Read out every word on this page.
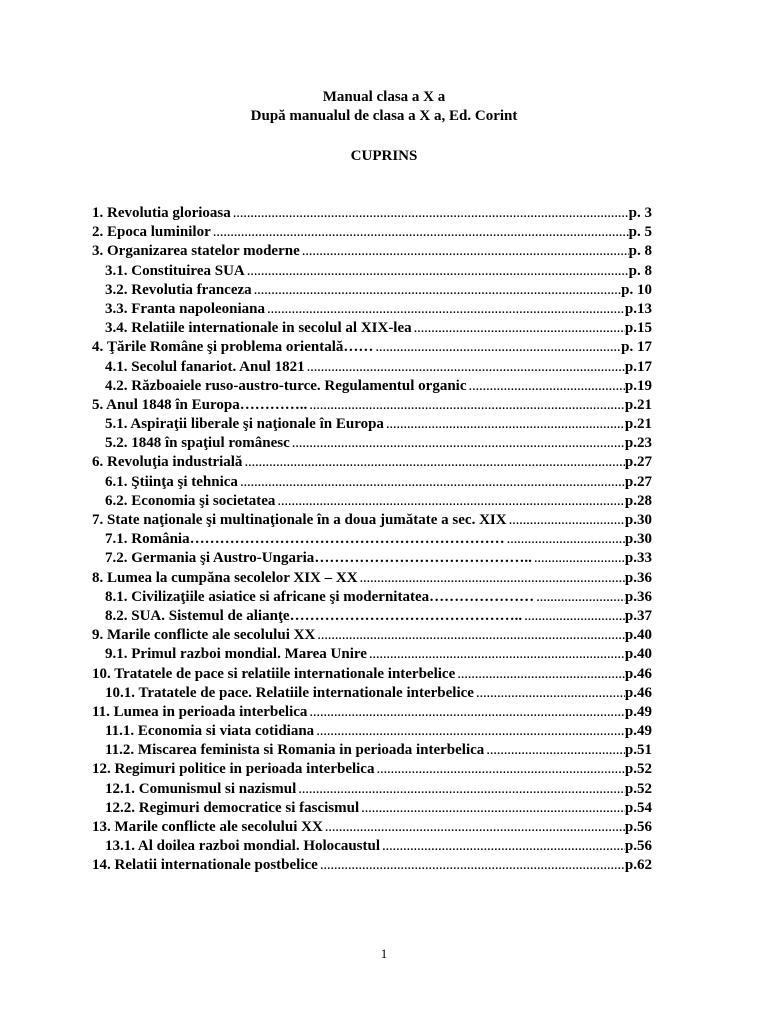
Manual clasa a X a
După manualul de clasa a X a, Ed. Corint
CUPRINS
1. Revolutia glorioasa . . .	p. 3
2. Epoca luminilor . . .	p. 5
3. Organizarea statelor moderne . . .	p. 8
3.1. Constituirea SUA . . .	p. 8
3.2. Revolutia franceza . . .	p. 10
3.3. Franta napoleoniana . . .	p.13
3.4. Relatiile internationale in secolul al XIX-lea . . .	p.15
4. Ţările Române şi problema orientală …… . . .	p. 17
4.1. Secolul fanariot. Anul 1821 . . .	p.17
4.2. Războaiele ruso-austro-turce. Regulamentul organic . . .	p.19
5. Anul 1848 în Europa ………….. . . .	p.21
5.1. Aspiraţii liberale şi naţionale în Europa . . .	p.21
5.2. 1848 în spaţiul românesc . . .	p.23
6. Revoluţia industrială . . .	p.27
6.1. Ştiinţa şi tehnica . . .	p.27
6.2. Economia şi societatea . . .	p.28
7. State naţionale şi multinaţionale în a doua jumătate a sec. XIX . . .	p.30
7.1. România ……………………………………………………… . . .	p.30
7.2. Germania şi Austro-Ungaria …………………………………….. . . .	p.33
8. Lumea la cumpăna secolelor XIX – XX . . .	p.36
8.1. Civilizaţiile asiatice si africane şi modernitatea ………………… . . .	p.36
8.2. SUA. Sistemul de alianţe ……………………………………….. . . .	p.37
9. Marile conflicte ale secolului XX . . .	p.40
9.1. Primul razboi mondial. Marea Unire . . .	p.40
10. Tratatele de pace si relatiile internationale interbelice . . .	p.46
10.1. Tratatele de pace. Relatiile internationale interbelice . . .	p.46
11. Lumea in perioada interbelica . . .	p.49
11.1. Economia si viata cotidiana . . .	p.49
11.2. Miscarea feminista si Romania in perioada interbelica . . .	p.51
12. Regimuri politice in perioada interbelica . . .	p.52
12.1. Comunismul si nazismul . . .	p.52
12.2. Regimuri democratice si fascismul . . .	p.54
13. Marile conflicte ale secolului XX . . .	p.56
13.1. Al doilea razboi mondial. Holocaustul . . .	p.56
14. Relatii internationale postbelice . . .	p.62
1
